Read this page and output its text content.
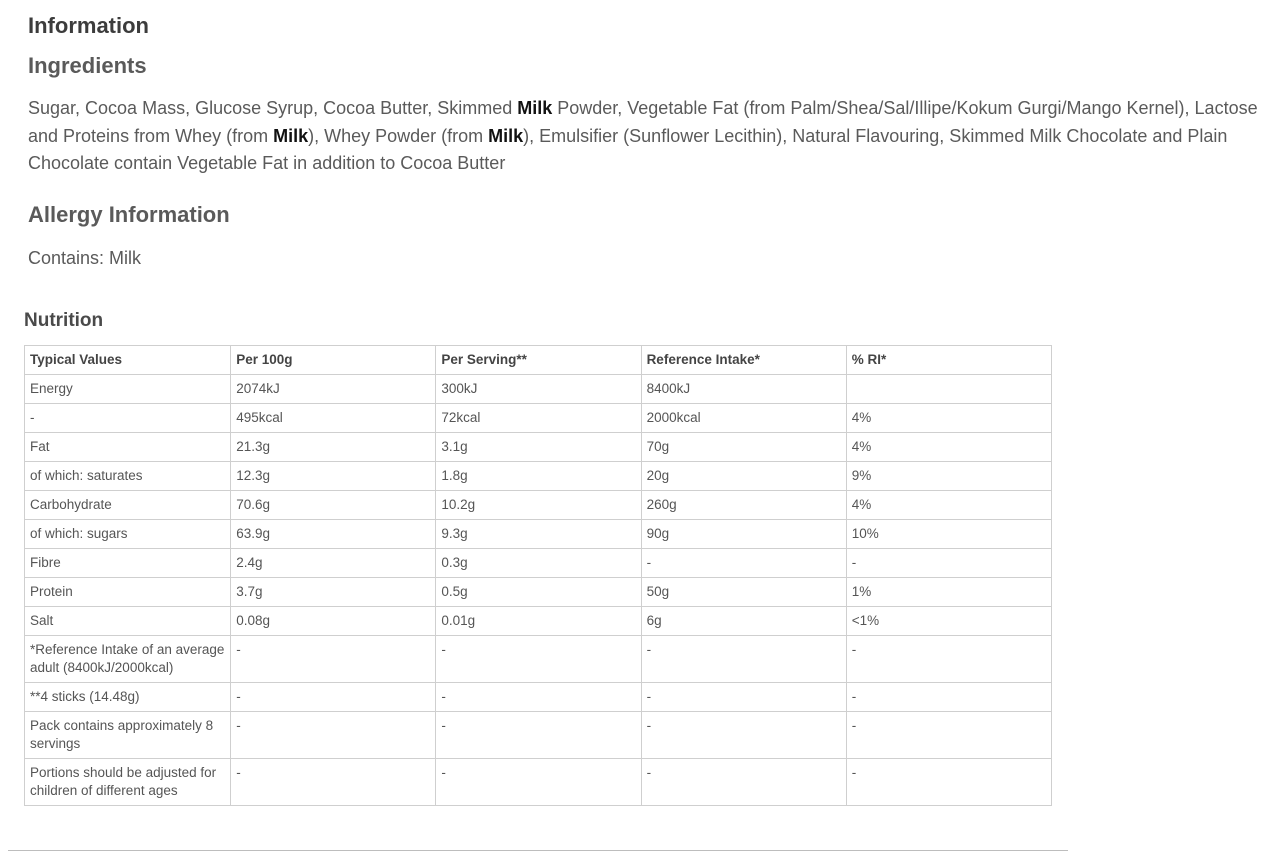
Information
Ingredients

Sugar, Cocoa Mass, Glucose Syrup, Cocoa Butter, Skimmed Milk Powder, Vegetable Fat (from Palm/Shea/Sal/Illipe/Kokum Gurgi/Mango Kernel), Lactose and Proteins from Whey (from Milk), Whey Powder (from Milk), Emulsifier (Sunflower Lecithin), Natural Flavouring, Skimmed Milk Chocolate and Plain Chocolate contain Vegetable Fat in addition to Cocoa Butter

Allergy Information

Contains: Milk

Nutrition
Typical Values	Per 100g	Per Serving**	Reference Intake*	% RI*
Energy	2074kJ	300kJ	8400kJ	
-	495kcal	72kcal	2000kcal	4%
Fat	21.3g	3.1g	70g	4%
of which: saturates	12.3g	1.8g	20g	9%
Carbohydrate	70.6g	10.2g	260g	4%
of which: sugars	63.9g	9.3g	90g	10%
Fibre	2.4g	0.3g	-	-
Protein	3.7g	0.5g	50g	1%
Salt	0.08g	0.01g	6g	<1%
*Reference Intake of an average adult (8400kJ/2000kcal)	-	-	-	-
**4 sticks (14.48g)	-	-	-	-
Pack contains approximately 8 servings	-	-	-	-
Portions should be adjusted for children of different ages	-	-	-	-
